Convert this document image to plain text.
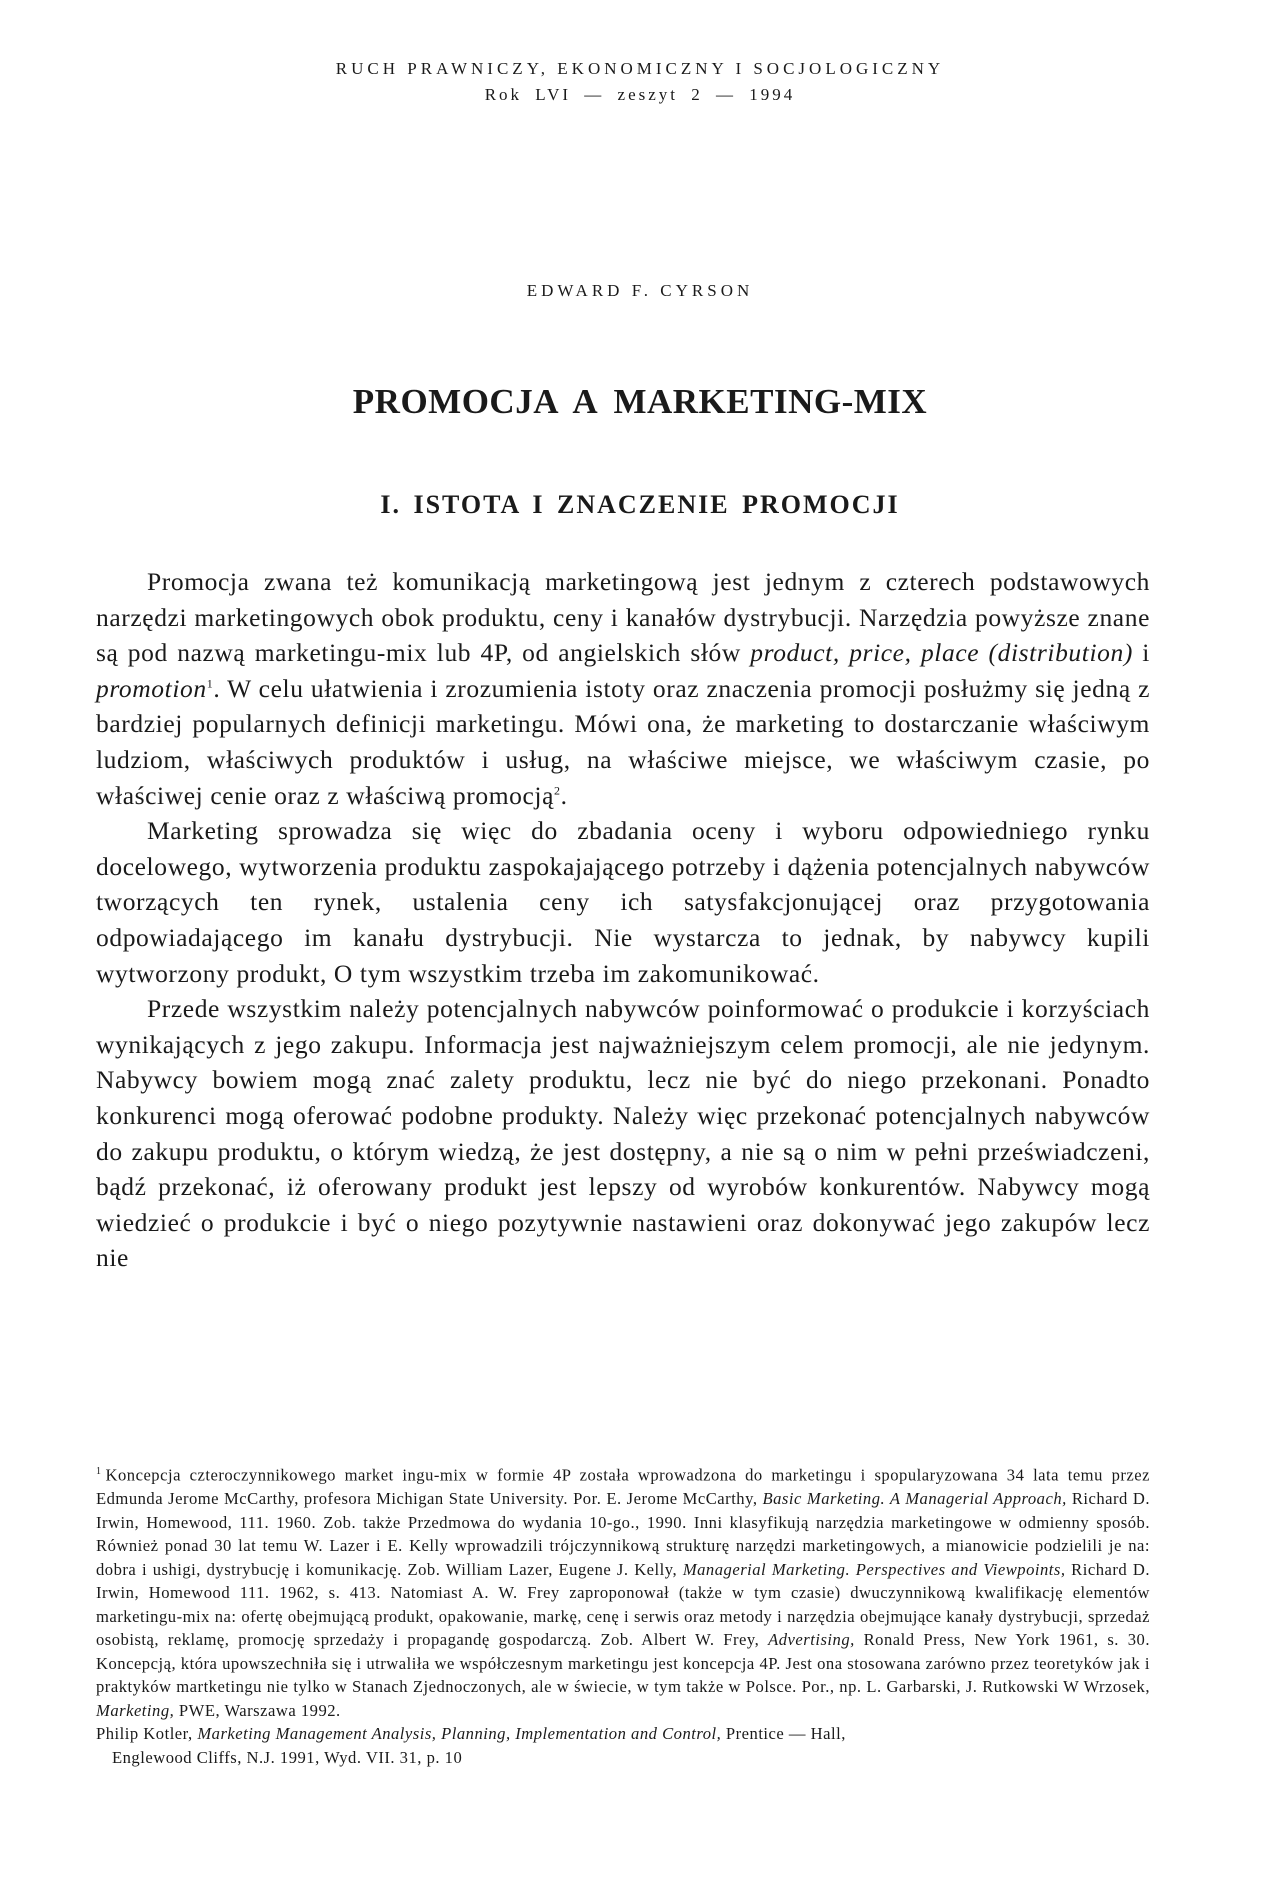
RUCH PRAWNICZY, EKONOMICZNY I SOCJOLOGICZNY
Rok LVI — zeszyt 2 — 1994
EDWARD F. CYRSON
PROMOCJA A MARKETING-MIX
I. ISTOTA I ZNACZENIE PROMOCJI

Promocja zwana też komunikacją marketingową jest jednym z czterech podstawowych narzędzi marketingowych obok produktu, ceny i kanałów dystrybucji. Narzędzia powyższe znane są pod nazwą marketingu-mix lub 4P, od angielskich słów product, price, place (distribution) i promotion$^1$. W celu ułatwienia i zrozumienia istoty oraz znaczenia promocji posłużmy się jedną z bardziej popularnych definicji marketingu. Mówi ona, że marketing to dostarczanie właściwym ludziom, właściwych produktów i usług, na właściwe miejsce, we właściwym czasie, po właściwej cenie oraz z właściwą promocją$^2$.

Marketing sprowadza się więc do zbadania oceny i wyboru odpowiedniego rynku docelowego, wytworzenia produktu zaspokajającego potrzeby i dążenia potencjalnych nabywców tworzących ten rynek, ustalenia ceny ich satysfakcjonującej oraz przygotowania odpowiadającego im kanału dystrybucji. Nie wystarcza to jednak, by nabywcy kupili wytworzony produkt, O tym wszystkim trzeba im zakomunikować.

Przede wszystkim należy potencjalnych nabywców poinformować o produkcie i korzyściach wynikających z jego zakupu. Informacja jest najważniejszym celem promocji, ale nie jedynym. Nabywcy bowiem mogą znać zalety produktu, lecz nie być do niego przekonani. Ponadto konkurenci mogą oferować podobne produkty. Należy więc przekonać potencjalnych nabywców do zakupu produktu, o którym wiedzą, że jest dostępny, a nie są o nim w pełni przeświadczeni, bądź przekonać, iż oferowany produkt jest lepszy od wyrobów konkurentów. Nabywcy mogą wiedzieć o produkcie i być o niego pozytywnie nastawieni oraz dokonywać jego zakupów lecz nie

$^1$ Koncepcja czteroczynnikowego market ingu-mix w formie 4P została wprowadzona do marketingu i spopularyzowana 34 lata temu przez Edmunda Jerome McCarthy, profesora Michigan State University. Por. E. Jerome McCarthy, Basic Marketing. A Managerial Approach, Richard D. Irwin, Homewood, 111. 1960. Zob. także Przedmowa do wydania 10-go., 1990. Inni klasyfikują narzędzia marketingowe w odmienny sposób. Również ponad 30 lat temu W. Lazer i E. Kelly wprowadzili trójczynnikową strukturę narzędzi marketingowych, a mianowicie podzielili je na: dobra i ushigi, dystrybucję i komunikację. Zob. William Lazer, Eugene J. Kelly, Managerial Marketing. Perspectives and Viewpoints, Richard D. Irwin, Homewood 111. 1962, s. 413. Natomiast A. W. Frey zaproponował (także w tym czasie) dwuczynnikową kwalifikację elementów marketingu-mix na: ofertę obejmującą produkt, opakowanie, markę, cenę i serwis oraz metody i narzędzia obejmujące kanały dystrybucji, sprzedaż osobistą, reklamę, promocję sprzedaży i propagandę gospodarczą. Zob. Albert W. Frey, Advertising, Ronald Press, New York 1961, s. 30. Koncepcją, która upowszechniła się i utrwaliła we współczesnym marketingu jest koncepcja 4P. Jest ona stosowana zarówno przez teoretyków jak i praktyków martketingu nie tylko w Stanach Zjednoczonych, ale w świecie, w tym także w Polsce. Por., np. L. Garbarski, J. Rutkowski W Wrzosek, Marketing, PWE, Warszawa 1992.

Philip Kotler, Marketing Management Analysis, Planning, Implementation and Control, Prentice — Hall,

Englewood Cliffs, N.J. 1991, Wyd. VII. 31, p. 10
